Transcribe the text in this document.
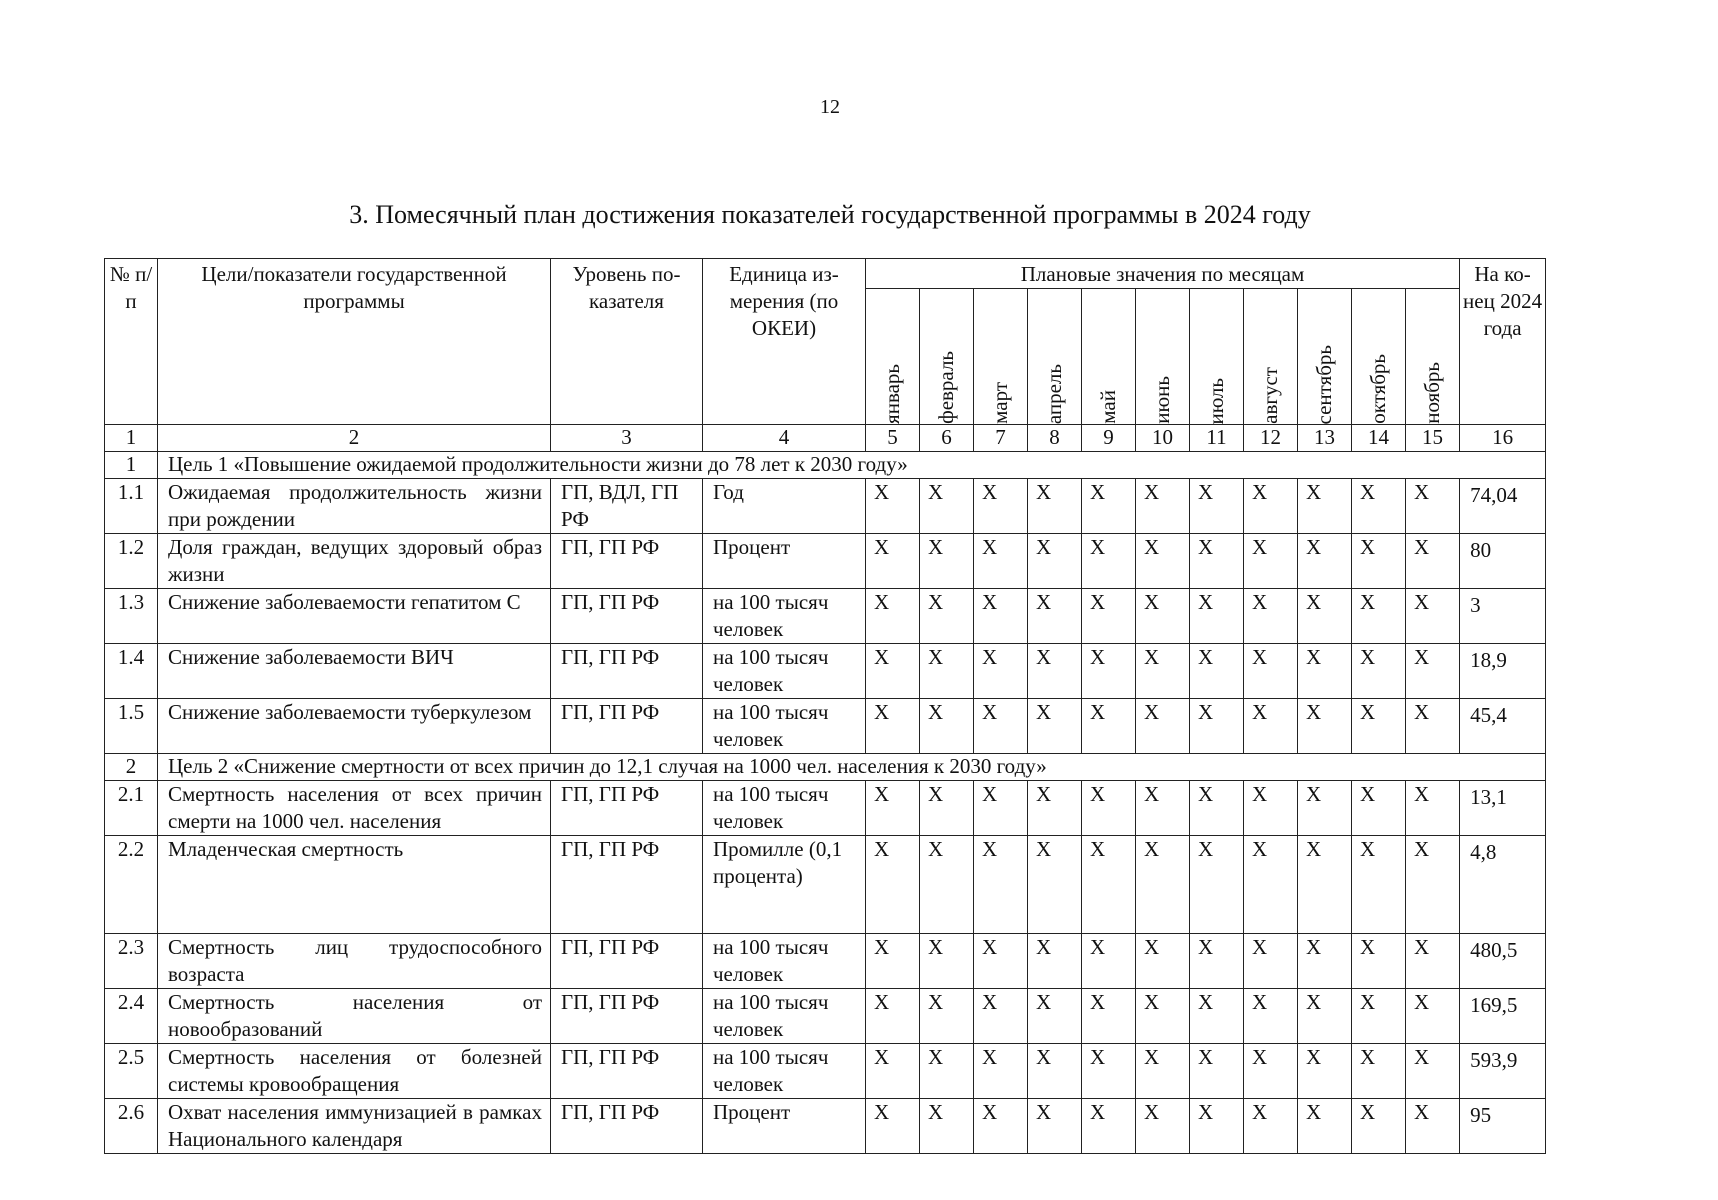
12
3. Помесячный план достижения показателей государственной программы в 2024 году
№ п/п	Цели/показатели государственной программы	Уровень по-казателя	Единица из-мерения (по ОКЕИ)	Плановые значения по месяцам											На ко-нец 2024 года

				январь	февраль	март	апрель	май	июнь	июль	август	сентябрь	октябрь	ноябрь	

1	2	3	4	5	6	7	8	9	10	11	12	13	14	15	16
1	Цель 1 «Повышение ожидаемой продолжительности жизни до 78 лет к 2030 году»														
1.1	Ожидаемая продолжительность жизни при рождении	ГП, ВДЛ, ГП РФ	Год	X	X	X	X	X	X	X	X	X	X	X	74,04
1.2	Доля граждан, ведущих здоровый образ жизни	ГП, ГП РФ	Процент	X	X	X	X	X	X	X	X	X	X	X	80
1.3	Снижение заболеваемости гепатитом С	ГП, ГП РФ	на 100 тысяч человек	X	X	X	X	X	X	X	X	X	X	X	3
1.4	Снижение заболеваемости ВИЧ	ГП, ГП РФ	на 100 тысяч человек	X	X	X	X	X	X	X	X	X	X	X	18,9
1.5	Снижение заболеваемости туберкулезом	ГП, ГП РФ	на 100 тысяч человек	X	X	X	X	X	X	X	X	X	X	X	45,4
2	Цель 2 «Снижение смертности от всех причин до 12,1 случая на 1000 чел. населения к 2030 году»														
2.1	Смертность населения от всех причин смерти на 1000 чел. населения	ГП, ГП РФ	на 100 тысяч человек	X	X	X	X	X	X	X	X	X	X	X	13,1
2.2	Младенческая смертность	ГП, ГП РФ	Промилле (0,1 процента)	X	X	X	X	X	X	X	X	X	X	X	4,8
2.3	Смертность лиц трудоспособного возраста	ГП, ГП РФ	на 100 тысяч человек	X	X	X	X	X	X	X	X	X	X	X	480,5
2.4	Смертность населения от новообразований	ГП, ГП РФ	на 100 тысяч человек	X	X	X	X	X	X	X	X	X	X	X	169,5
2.5	Смертность населения от болезней системы кровообращения	ГП, ГП РФ	на 100 тысяч человек	X	X	X	X	X	X	X	X	X	X	X	593,9
2.6	Охват населения иммунизацией в рамках Национального календаря	ГП, ГП РФ	Процент	X	X	X	X	X	X	X	X	X	X	X	95
